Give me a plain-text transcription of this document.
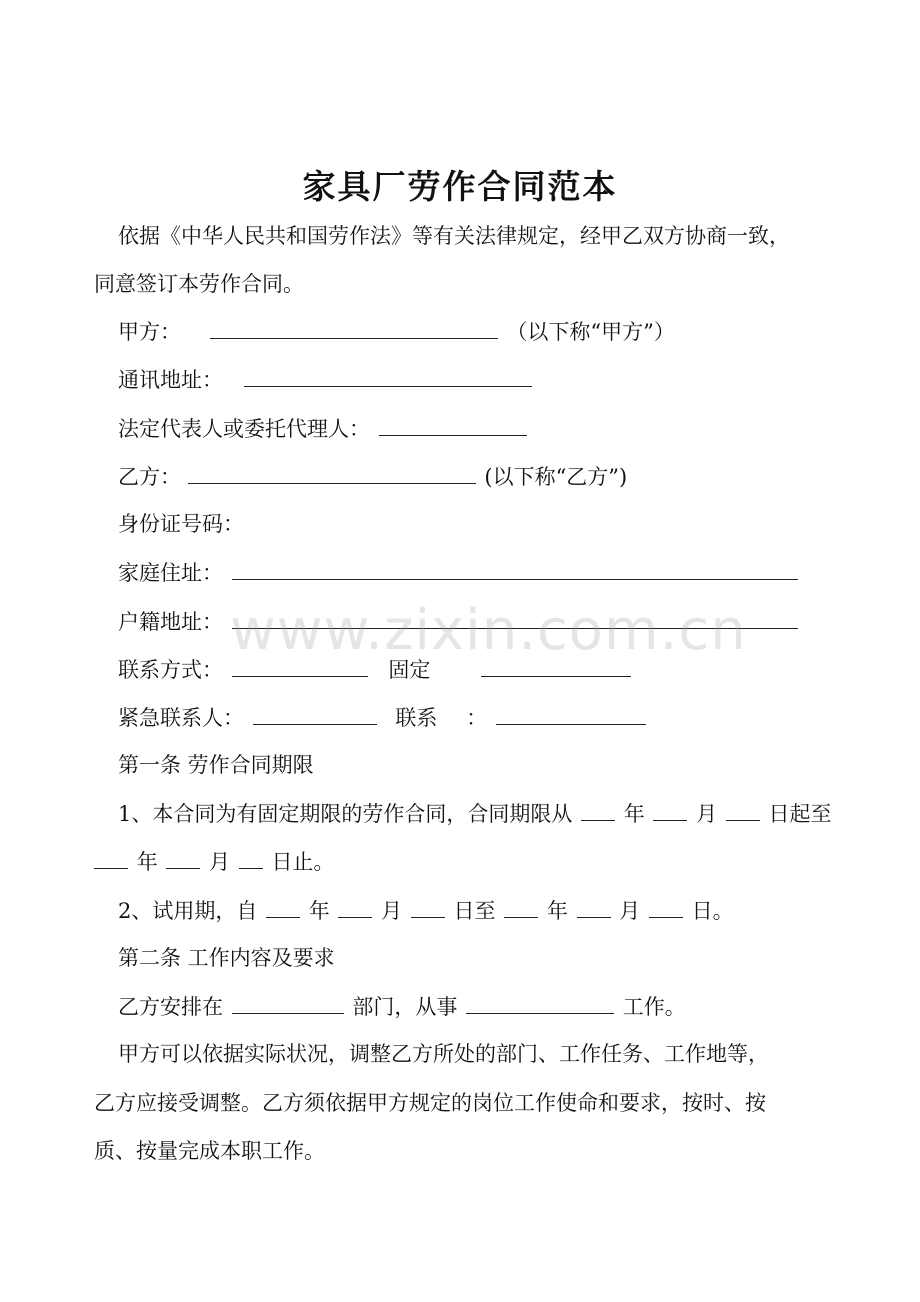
家具厂劳作合同范本
依据《中华人民共和国劳作法》等有关法律规定，经甲乙双方协商一致，
同意签订本劳作合同。
甲方：	（以下称“甲方”）
通讯地址：
法定代表人或委托代理人：
乙方：	(以下称“乙方”)
身份证号码：
家庭住址：
户籍地址：
联系方式：	固定
紧急联系人：	联系 ：
第一条 劳作合同期限
1、本合同为有固定期限的劳作合同，合同期限从 年 月 日起至
年 月 日止。
2、试用期，自 年 月 日至 年 月 日。
第二条 工作内容及要求
乙方安排在	部门，从事	工作。
甲方可以依据实际状况，调整乙方所处的部门、工作任务、工作地等，
乙方应接受调整。乙方须依据甲方规定的岗位工作使命和要求，按时、按
质、按量完成本职工作。
www.zixin.com.cn
